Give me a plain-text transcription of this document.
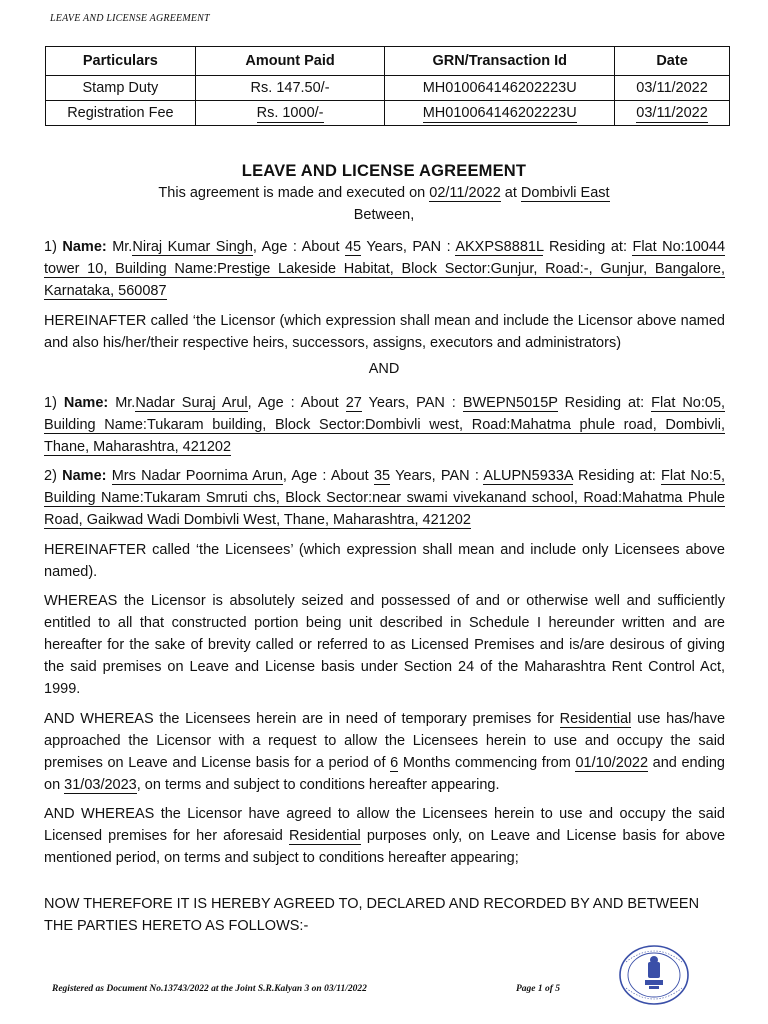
LEAVE AND LICENSE AGREEMENT
Particulars	Amount Paid	GRN/Transaction Id	Date
Stamp Duty	Rs. 147.50/-	MH010064146202223U	03/11/2022
Registration Fee	Rs. 1000/-	MH010064146202223U	03/11/2022
LEAVE AND LICENSE AGREEMENT
This agreement is made and executed on 02/11/2022 at Dombivli East
Between,
1) Name: Mr.Niraj Kumar Singh, Age : About 45 Years, PAN : AKXPS8881L Residing at: Flat No:10044 tower 10, Building Name:Prestige Lakeside Habitat, Block Sector:Gunjur, Road:-, Gunjur, Bangalore, Karnataka, 560087
HEREINAFTER called ‘the Licensor (which expression shall mean and include the Licensor above named and also his/her/their respective heirs, successors, assigns, executors and administrators)
AND
1) Name: Mr.Nadar Suraj Arul, Age : About 27 Years, PAN : BWEPN5015P Residing at: Flat No:05, Building Name:Tukaram building, Block Sector:Dombivli west, Road:Mahatma phule road, Dombivli, Thane, Maharashtra, 421202
2) Name: Mrs Nadar Poornima Arun, Age : About 35 Years, PAN : ALUPN5933A Residing at: Flat No:5, Building Name:Tukaram Smruti chs, Block Sector:near swami vivekanand school, Road:Mahatma Phule Road, Gaikwad Wadi Dombivli West, Thane, Maharashtra, 421202
HEREINAFTER called ‘the Licensees’ (which expression shall mean and include only Licensees above named).
WHEREAS the Licensor is absolutely seized and possessed of and or otherwise well and sufficiently entitled to all that constructed portion being unit described in Schedule I hereunder written and are hereafter for the sake of brevity called or referred to as Licensed Premises and is/are desirous of giving the said premises on Leave and License basis under Section 24 of the Maharashtra Rent Control Act, 1999.
AND WHEREAS the Licensees herein are in need of temporary premises for Residential use has/have approached the Licensor with a request to allow the Licensees herein to use and occupy the said premises on Leave and License basis for a period of 6 Months commencing from 01/10/2022 and ending on 31/03/2023, on terms and subject to conditions hereafter appearing.
AND WHEREAS the Licensor have agreed to allow the Licensees herein to use and occupy the said Licensed premises for her aforesaid Residential purposes only, on Leave and License basis for above mentioned period, on terms and subject to conditions hereafter appearing;
NOW THEREFORE IT IS HEREBY AGREED TO, DECLARED AND RECORDED BY AND BETWEEN THE PARTIES HERETO AS FOLLOWS:-
Registered as Document No.13743/2022 at the Joint S.R.Kalyan 3 on 03/11/2022	Page 1 of 5
